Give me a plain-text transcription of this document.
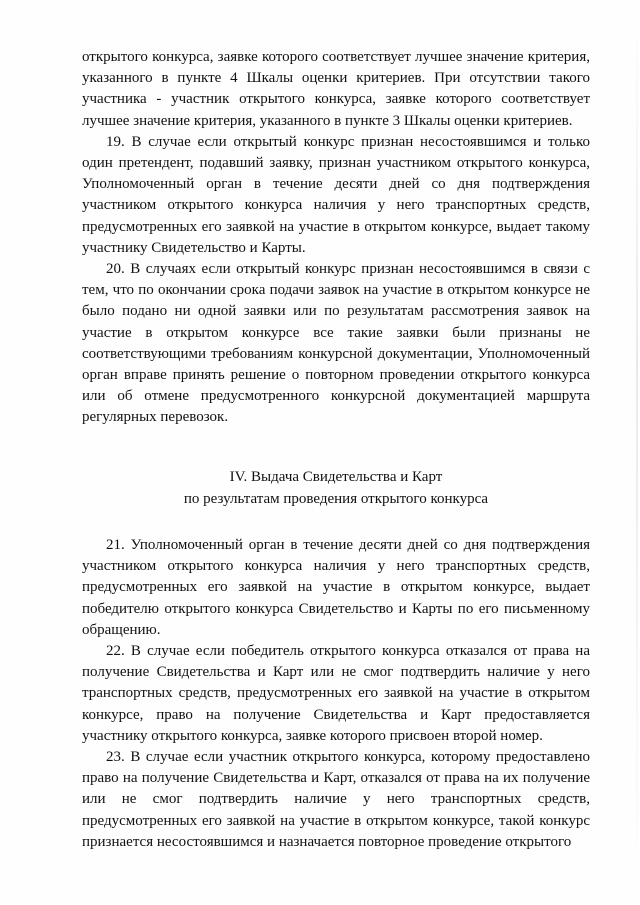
открытого конкурса, заявке которого соответствует лучшее значение критерия, указанного в пункте 4 Шкалы оценки критериев. При отсутствии такого участника - участник открытого конкурса, заявке которого соответствует лучшее значение критерия, указанного в пункте 3 Шкалы оценки критериев.

19. В случае если открытый конкурс признан несостоявшимся и только один претендент, подавший заявку, признан участником открытого конкурса, Уполномоченный орган в течение десяти дней со дня подтверждения участником открытого конкурса наличия у него транспортных средств, предусмотренных его заявкой на участие в открытом конкурсе, выдает такому участнику Свидетельство и Карты.

20. В случаях если открытый конкурс признан несостоявшимся в связи с тем, что по окончании срока подачи заявок на участие в открытом конкурсе не было подано ни одной заявки или по результатам рассмотрения заявок на участие в открытом конкурсе все такие заявки были признаны не соответствующими требованиям конкурсной документации, Уполномоченный орган вправе принять решение о повторном проведении открытого конкурса или об отмене предусмотренного конкурсной документацией маршрута регулярных перевозок.

IV. Выдача Свидетельства и Карт
по результатам проведения открытого конкурса

21. Уполномоченный орган в течение десяти дней со дня подтверждения участником открытого конкурса наличия у него транспортных средств, предусмотренных его заявкой на участие в открытом конкурсе, выдает победителю открытого конкурса Свидетельство и Карты по его письменному обращению.

22. В случае если победитель открытого конкурса отказался от права на получение Свидетельства и Карт или не смог подтвердить наличие у него транспортных средств, предусмотренных его заявкой на участие в открытом конкурсе, право на получение Свидетельства и Карт предоставляется участнику открытого конкурса, заявке которого присвоен второй номер.

23. В случае если участник открытого конкурса, которому предоставлено право на получение Свидетельства и Карт, отказался от права на их получение или не смог подтвердить наличие у него транспортных средств, предусмотренных его заявкой на участие в открытом конкурсе, такой конкурс признается несостоявшимся и назначается повторное проведение открытого
